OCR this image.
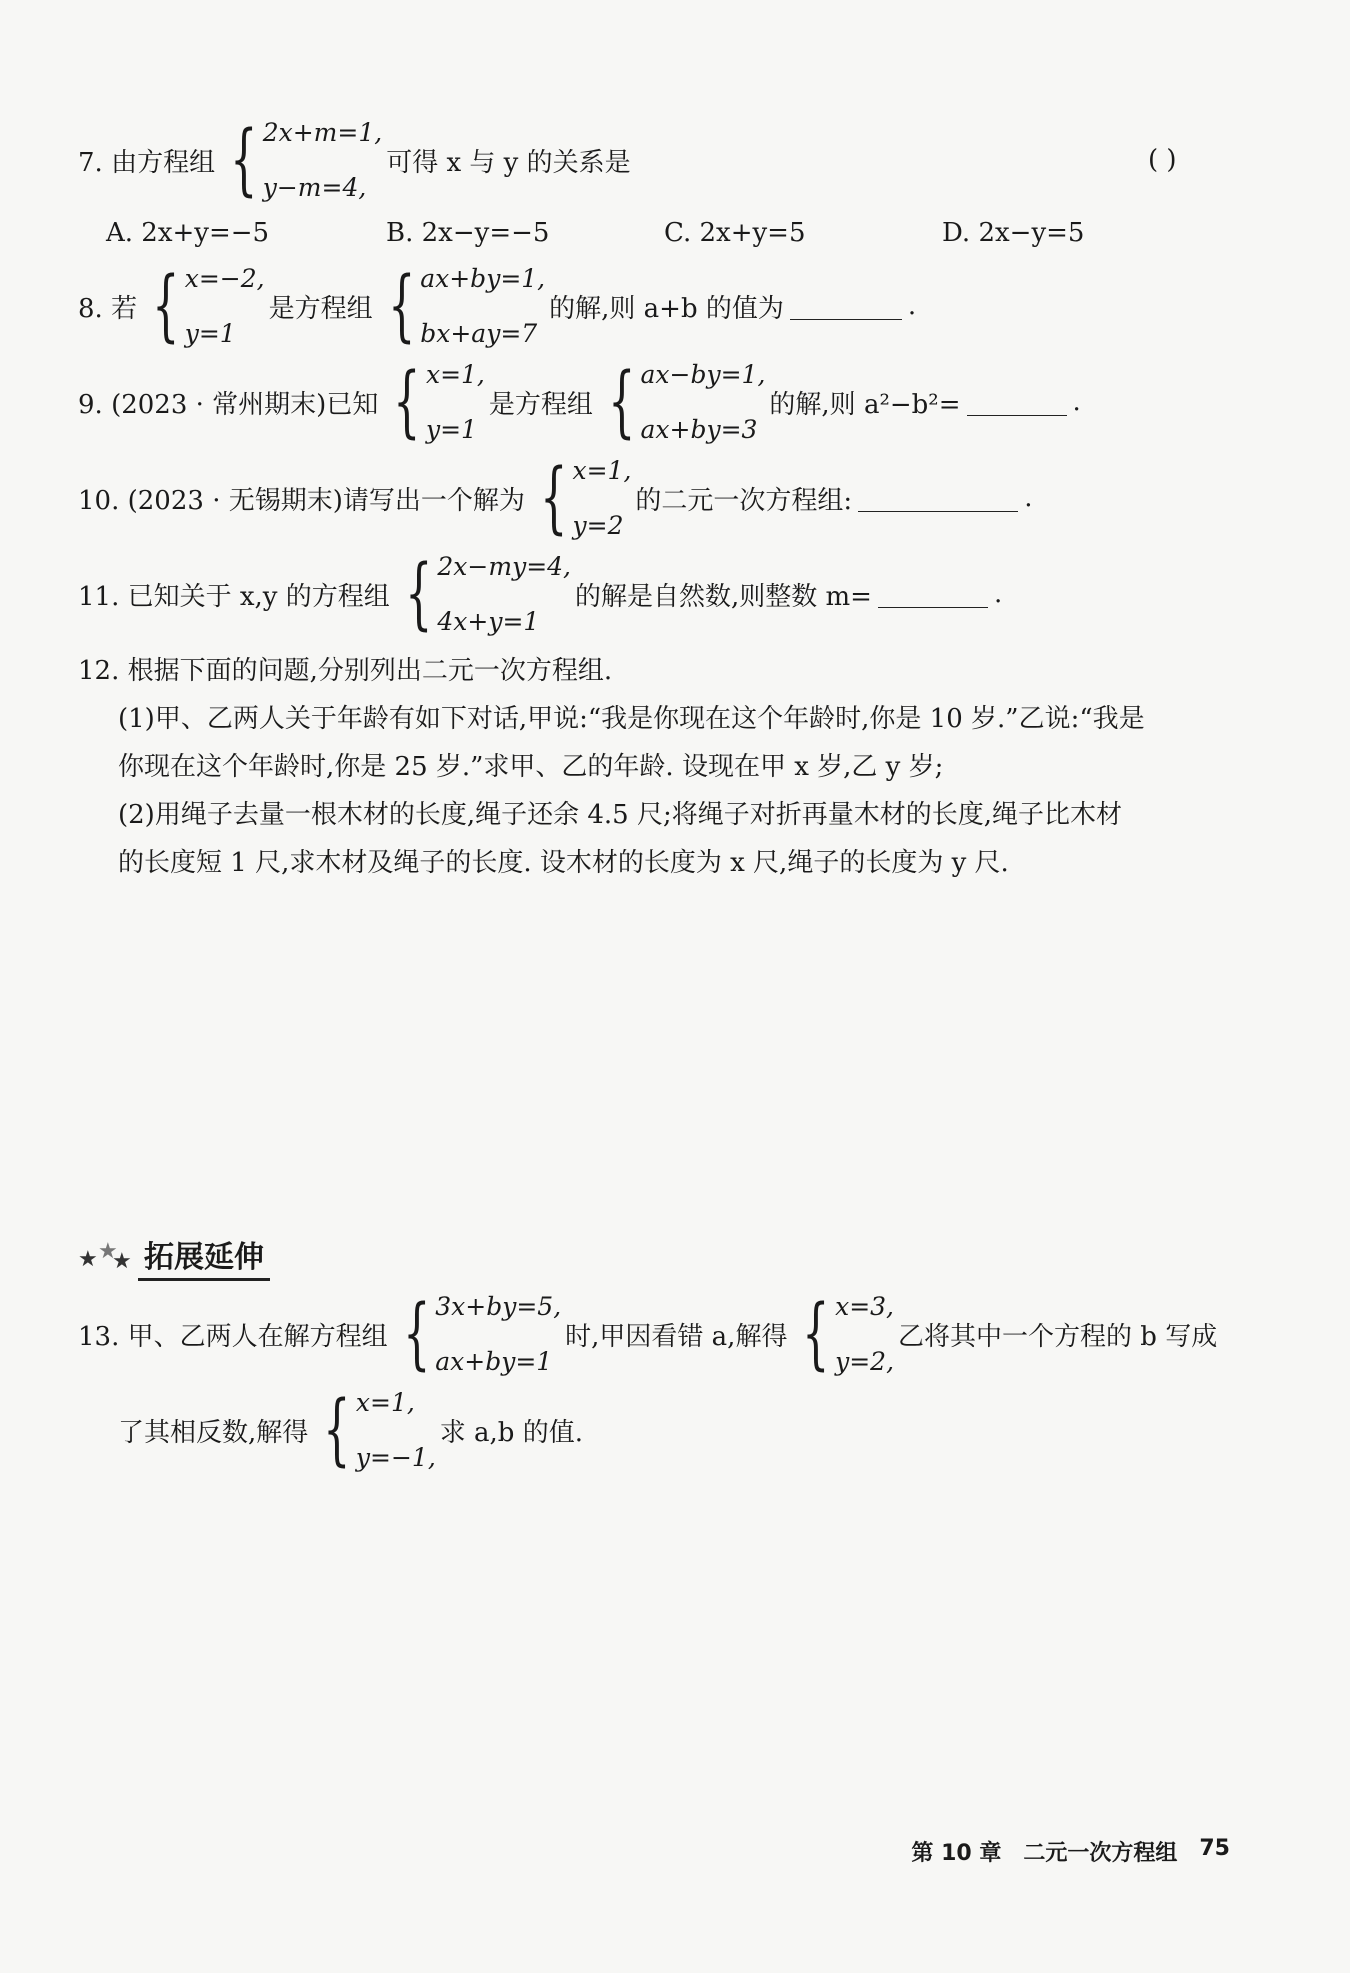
7. 由方程组 { 2x+m=1,
y−m=4,
可得 x 与 y 的关系是	( )
A. 2x+y=−5	B. 2x−y=−5	C. 2x+y=5	D. 2x−y=5
8. 若 { x=−2,
y=1
是方程组 { ax+by=1,
bx+ay=7
的解,则 a+b 的值为	.
9. (2023 · 常州期末)已知 { x=1,
y=1
是方程组 { ax−by=1,
ax+by=3
的解,则 a²−b²=	.
10. (2023 · 无锡期末)请写出一个解为 { x=1,
y=2
的二元一次方程组:	.
11. 已知关于 x,y 的方程组 { 2x−my=4,
4x+y=1
的解是自然数,则整数 m=	.
12. 根据下面的问题,分别列出二元一次方程组.
(1)甲、乙两人关于年龄有如下对话,甲说:“我是你现在这个年龄时,你是 10 岁.”乙说:“我是
你现在这个年龄时,你是 25 岁.”求甲、乙的年龄. 设现在甲 x 岁,乙 y 岁;
(2)用绳子去量一根木材的长度,绳子还余 4.5 尺;将绳子对折再量木材的长度,绳子比木材
的长度短 1 尺,求木材及绳子的长度. 设木材的长度为 x 尺,绳子的长度为 y 尺.
★ ★
★ 拓展延伸
13. 甲、乙两人在解方程组 { 3x+by=5,
ax+by=1
时,甲因看错 a,解得 { x=3,
y=2,
乙将其中一个方程的 b 写成
了其相反数,解得 { x=1,
y=−1,
求 a,b 的值.
第 10 章 二元一次方程组 75
